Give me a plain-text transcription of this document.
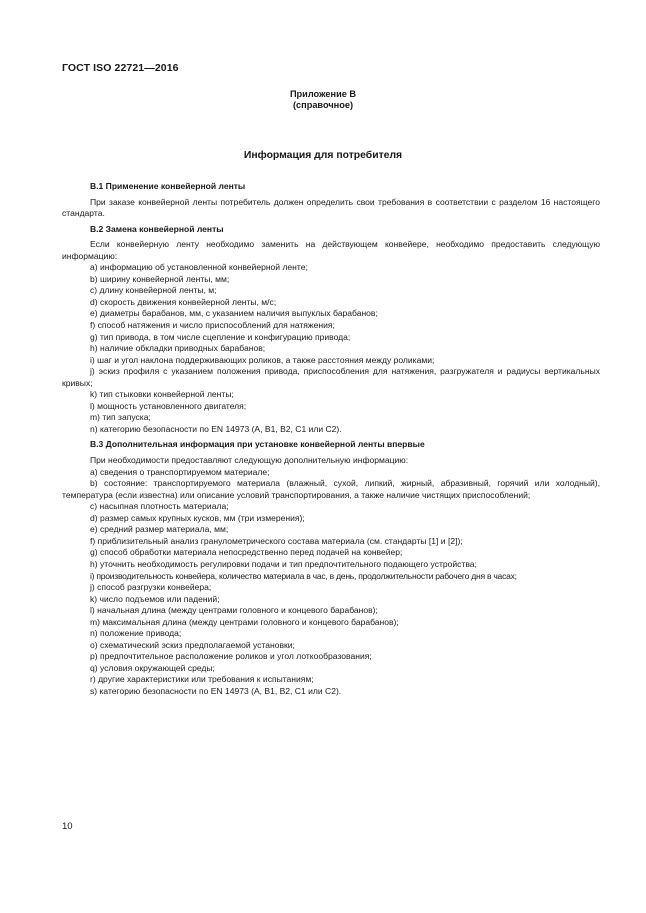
ГОСТ ISO 22721—2016
Приложение В
(справочное)
Информация для потребителя
В.1 Применение конвейерной ленты

При заказе конвейерной ленты потребитель должен определить свои требования в соответствии с разделом 16 настоящего стандарта.

В.2 Замена конвейерной ленты

Если конвейерную ленту необходимо заменить на действующем конвейере, необходимо предоставить следующую информацию:

a) информацию об установленной конвейерной ленте;
b) ширину конвейерной ленты, мм;
c) длину конвейерной ленты, м;
d) скорость движения конвейерной ленты, м/с;
e) диаметры барабанов, мм, с указанием наличия выпуклых барабанов;
f) способ натяжения и число приспособлений для натяжения;
g) тип привода, в том числе сцепление и конфигурацию привода;
h) наличие обкладки приводных барабанов;
i) шаг и угол наклона поддерживающих роликов, а также расстояния между роликами;
j) эскиз профиля с указанием положения привода, приспособления для натяжения, разгружателя и радиусы вертикальных кривых;
k) тип стыковки конвейерной ленты;
l) мощность установленного двигателя;
m) тип запуска;
n) категорию безопасности по EN 14973 (A, B1, B2, C1 или C2).
В.3 Дополнительная информация при установке конвейерной ленты впервые

При необходимости предоставляют следующую дополнительную информацию:

a) сведения о транспортируемом материале;
b) состояние: транспортируемого материала (влажный, сухой, липкий, жирный, абразивный, горячий или холодный), температура (если известна) или описание условий транспортирования, а также наличие чистящих приспособлений;
c) насыпная плотность материала;
d) размер самых крупных кусков, мм (три измерения);
e) средний размер материала, мм;
f) приблизительный анализ гранулометрического состава материала (см. стандарты [1] и [2]);
g) способ обработки материала непосредственно перед подачей на конвейер;
h) уточнить необходимость регулировки подачи и тип предпочтительного подающего устройства;
i) производительность конвейера, количество материала в час, в день, продолжительности рабочего дня в часах;
j) способ разгрузки конвейера;
k) число подъемов или падений;
l) начальная длина (между центрами головного и концевого барабанов);
m) максимальная длина (между центрами головного и концевого барабанов);
n) положение привода;
o) схематический эскиз предполагаемой установки;
p) предпочтительное расположение роликов и угол лоткообразования;
q) условия окружающей среды;
r) другие характеристики или требования к испытаниям;
s) категорию безопасности по EN 14973 (A, B1, B2, C1 или C2).
10
